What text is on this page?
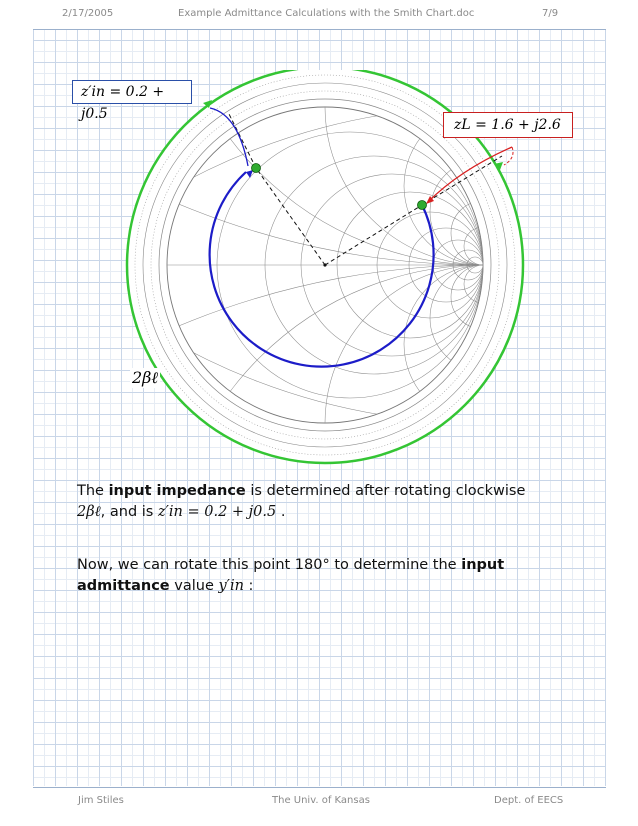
2/17/2005	Example Admittance Calculations with the Smith Chart.doc	7/9
z′in = 0.2 + j0.5
zL = 1.6 + j2.6
2βℓ
The input impedance is determined after rotating clockwise
2βℓ, and is z′in = 0.2 + j0.5 .
Now, we can rotate this point 180° to determine the input
admittance value y′in :
Jim Stiles	The Univ. of Kansas	Dept. of EECS
